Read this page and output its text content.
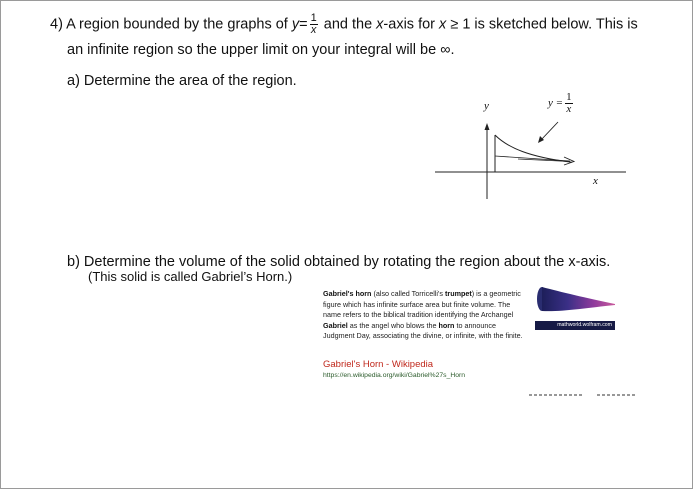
4) A region bounded by the graphs of $y= \frac{1}{x}$ and the x-axis for x ≥ 1 is sketched below. This is
an infinite region so the upper limit on your integral will be ∞.
a) Determine the area of the region.
y
x
$y = \frac{1}{x}$
b) Determine the volume of the solid obtained by rotating the region about the x-axis.
(This solid is called Gabriel’s Horn.)
Gabriel's horn (also called Torricelli's trumpet) is a geometric figure which has infinite surface area but finite volume. The name refers to the biblical tradition identifying the Archangel Gabriel as the angel who blows the horn to announce Judgment Day, associating the divine, or infinite, with the finite.
Gabriel's Horn - Wikipedia
https://en.wikipedia.org/wiki/Gabriel%27s_Horn
mathworld.wolfram.com
